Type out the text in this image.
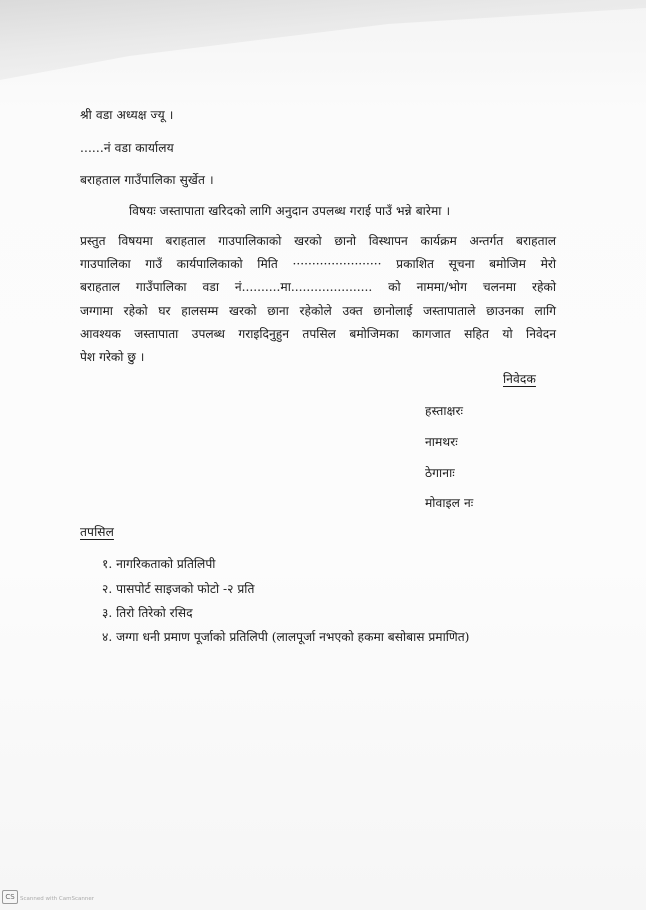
श्री वडा अध्यक्ष ज्यू ।
......नं वडा कार्यालय
बराहताल गाउँपालिका सुर्खेत ।
विषयः जस्तापाता खरिदको लागि अनुदान उपलब्ध गराई पाउँ भन्ने बारेमा ।
प्रस्तुत विषयमा बराहताल गाउपालिकाको खरको छानो विस्थापन कार्यक्रम अन्तर्गत बराहताल
गाउपालिका गाउँ कार्यपालिकाको मिति ······················· प्रकाशित सूचना बमोजिम मेरो
बराहताल गाउँपालिका वडा नं..........मा..................... को नाममा/भोग चलनमा रहेको
जग्गामा रहेको घर हालसम्म खरको छाना रहेकोले उक्त छानोलाई जस्तापाताले छाउनका लागि
आवश्यक जस्तापाता उपलब्ध गराइदिनुहुन तपसिल बमोजिमका कागजात सहित यो निवेदन
पेश गरेको छु ।
निवेदक
हस्ताक्षरः
नामथरः
ठेगानाः
मोवाइल नः
तपसिल
१. नागरिकताको प्रतिलिपी
२. पासपोर्ट साइजको फोटो -२ प्रति
३. तिरो तिरेको रसिद
४. जग्गा धनी प्रमाण पूर्जाको प्रतिलिपी (लालपूर्जा नभएको हकमा बसोबास प्रमाणित)
CS Scanned with CamScanner
